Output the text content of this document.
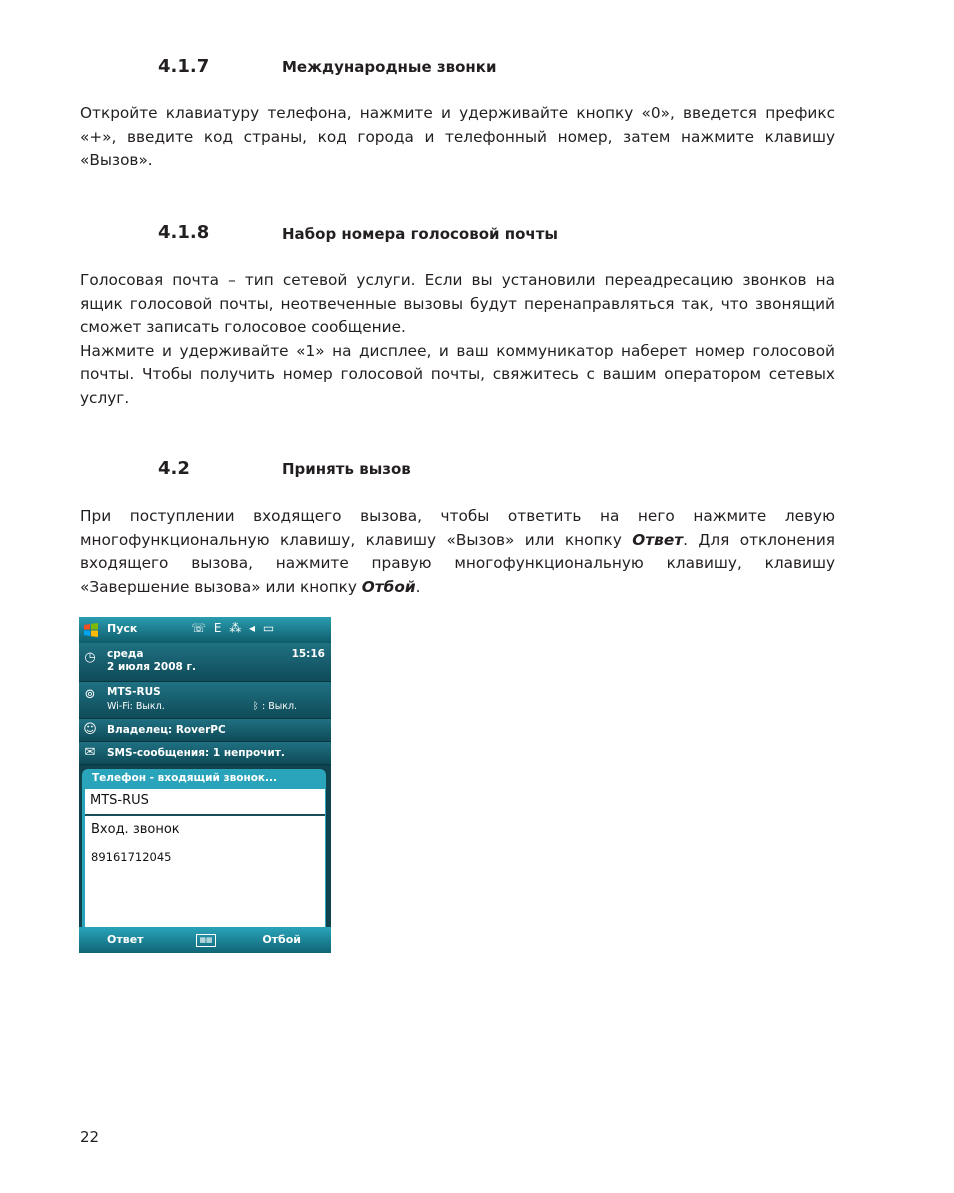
4.1.7	Международные звонки

Откройте клавиатуру телефона, нажмите и удерживайте кнопку «0», введется префикс «+», введите код страны, код города и телефонный номер, затем нажмите клавишу «Вызов».

4.1.8	Набор номера голосовой почты

Голосовая почта – тип сетевой услуги. Если вы установили переадресацию звонков на ящик голосовой почты, неотвеченные вызовы будут перенаправляться так, что звонящий сможет записать голосовое сообщение.

Нажмите и удерживайте «1» на дисплее, и ваш коммуникатор наберет номер голосовой почты. Чтобы получить номер голосовой почты, свяжитесь с вашим оператором сетевых услуг.

4.2	Принять вызов

При поступлении входящего вызова, чтобы ответить на него нажмите левую многофункциональную клавишу, клавишу «Вызов» или кнопку Ответ. Для отклонения входящего вызова, нажмите правую многофункциональную клавишу, клавишу «Завершение вызова» или кнопку Отбой.

Пуск	☏ Е ⁂ ◂ ▭
◷	среда
2 июля 2008 г.
15:16
⊚	MTS-RUS
Wi-Fi: Выкл.	ᛒ : Выкл.
☺ Владелец: RoverPC
✉	SMS-сообщения: 1 непрочит.
Телефон - входящий звонок...
MTS-RUS
Вход. звонок
89161712045
Ответ	▦▦	Отбой
22
